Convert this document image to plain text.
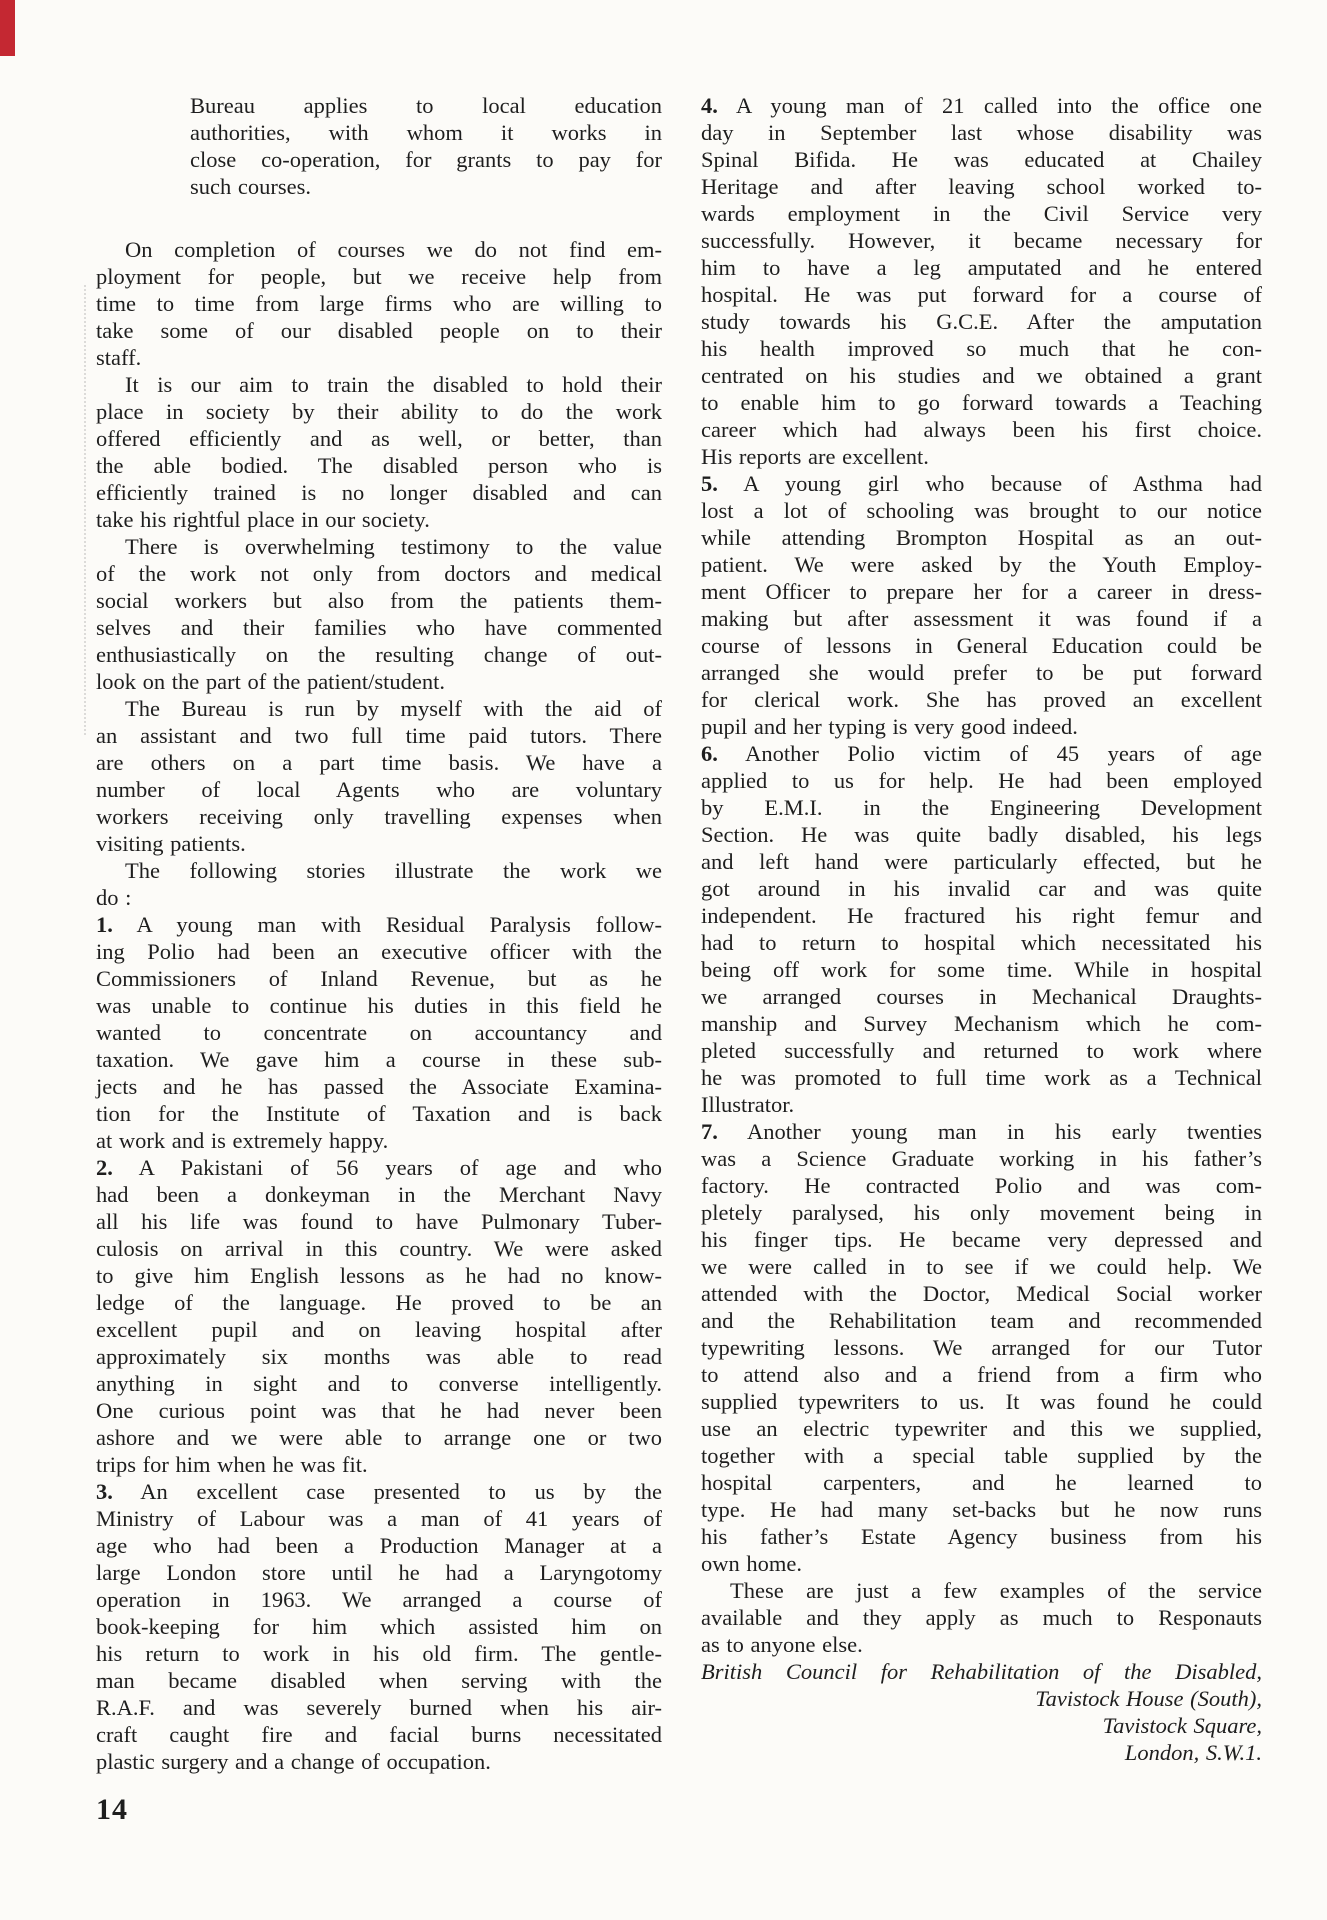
Bureau applies to local education
authorities, with whom it works in
close co-operation, for grants to pay for
such courses.
On completion of courses we do not find em-
ployment for people, but we receive help from
time to time from large firms who are willing to
take some of our disabled people on to their
staff.
It is our aim to train the disabled to hold their
place in society by their ability to do the work
offered efficiently and as well, or better, than
the able bodied. The disabled person who is
efficiently trained is no longer disabled and can
take his rightful place in our society.
There is overwhelming testimony to the value
of the work not only from doctors and medical
social workers but also from the patients them-
selves and their families who have commented
enthusiastically on the resulting change of out-
look on the part of the patient/student.
The Bureau is run by myself with the aid of
an assistant and two full time paid tutors. There
are others on a part time basis. We have a
number of local Agents who are voluntary
workers receiving only travelling expenses when
visiting patients.
The following stories illustrate the work we
do :
1. A young man with Residual Paralysis follow-
ing Polio had been an executive officer with the
Commissioners of Inland Revenue, but as he
was unable to continue his duties in this field he
wanted to concentrate on accountancy and
taxation. We gave him a course in these sub-
jects and he has passed the Associate Examina-
tion for the Institute of Taxation and is back
at work and is extremely happy.
2. A Pakistani of 56 years of age and who
had been a donkeyman in the Merchant Navy
all his life was found to have Pulmonary Tuber-
culosis on arrival in this country. We were asked
to give him English lessons as he had no know-
ledge of the language. He proved to be an
excellent pupil and on leaving hospital after
approximately six months was able to read
anything in sight and to converse intelligently.
One curious point was that he had never been
ashore and we were able to arrange one or two
trips for him when he was fit.
3. An excellent case presented to us by the
Ministry of Labour was a man of 41 years of
age who had been a Production Manager at a
large London store until he had a Laryngotomy
operation in 1963. We arranged a course of
book-keeping for him which assisted him on
his return to work in his old firm. The gentle-
man became disabled when serving with the
R.A.F. and was severely burned when his air-
craft caught fire and facial burns necessitated
plastic surgery and a change of occupation.
4. A young man of 21 called into the office one
day in September last whose disability was
Spinal Bifida. He was educated at Chailey
Heritage and after leaving school worked to-
wards employment in the Civil Service very
successfully. However, it became necessary for
him to have a leg amputated and he entered
hospital. He was put forward for a course of
study towards his G.C.E. After the amputation
his health improved so much that he con-
centrated on his studies and we obtained a grant
to enable him to go forward towards a Teaching
career which had always been his first choice.
His reports are excellent.
5. A young girl who because of Asthma had
lost a lot of schooling was brought to our notice
while attending Brompton Hospital as an out-
patient. We were asked by the Youth Employ-
ment Officer to prepare her for a career in dress-
making but after assessment it was found if a
course of lessons in General Education could be
arranged she would prefer to be put forward
for clerical work. She has proved an excellent
pupil and her typing is very good indeed.
6. Another Polio victim of 45 years of age
applied to us for help. He had been employed
by E.M.I. in the Engineering Development
Section. He was quite badly disabled, his legs
and left hand were particularly effected, but he
got around in his invalid car and was quite
independent. He fractured his right femur and
had to return to hospital which necessitated his
being off work for some time. While in hospital
we arranged courses in Mechanical Draughts-
manship and Survey Mechanism which he com-
pleted successfully and returned to work where
he was promoted to full time work as a Technical
Illustrator.
7. Another young man in his early twenties
was a Science Graduate working in his father’s
factory. He contracted Polio and was com-
pletely paralysed, his only movement being in
his finger tips. He became very depressed and
we were called in to see if we could help. We
attended with the Doctor, Medical Social worker
and the Rehabilitation team and recommended
typewriting lessons. We arranged for our Tutor
to attend also and a friend from a firm who
supplied typewriters to us. It was found he could
use an electric typewriter and this we supplied,
together with a special table supplied by the
hospital carpenters, and he learned to
type. He had many set-backs but he now runs
his father’s Estate Agency business from his
own home.
These are just a few examples of the service
available and they apply as much to Responauts
as to anyone else.
British Council for Rehabilitation of the Disabled,
Tavistock House (South),
Tavistock Square,
London, S.W.1.
14
